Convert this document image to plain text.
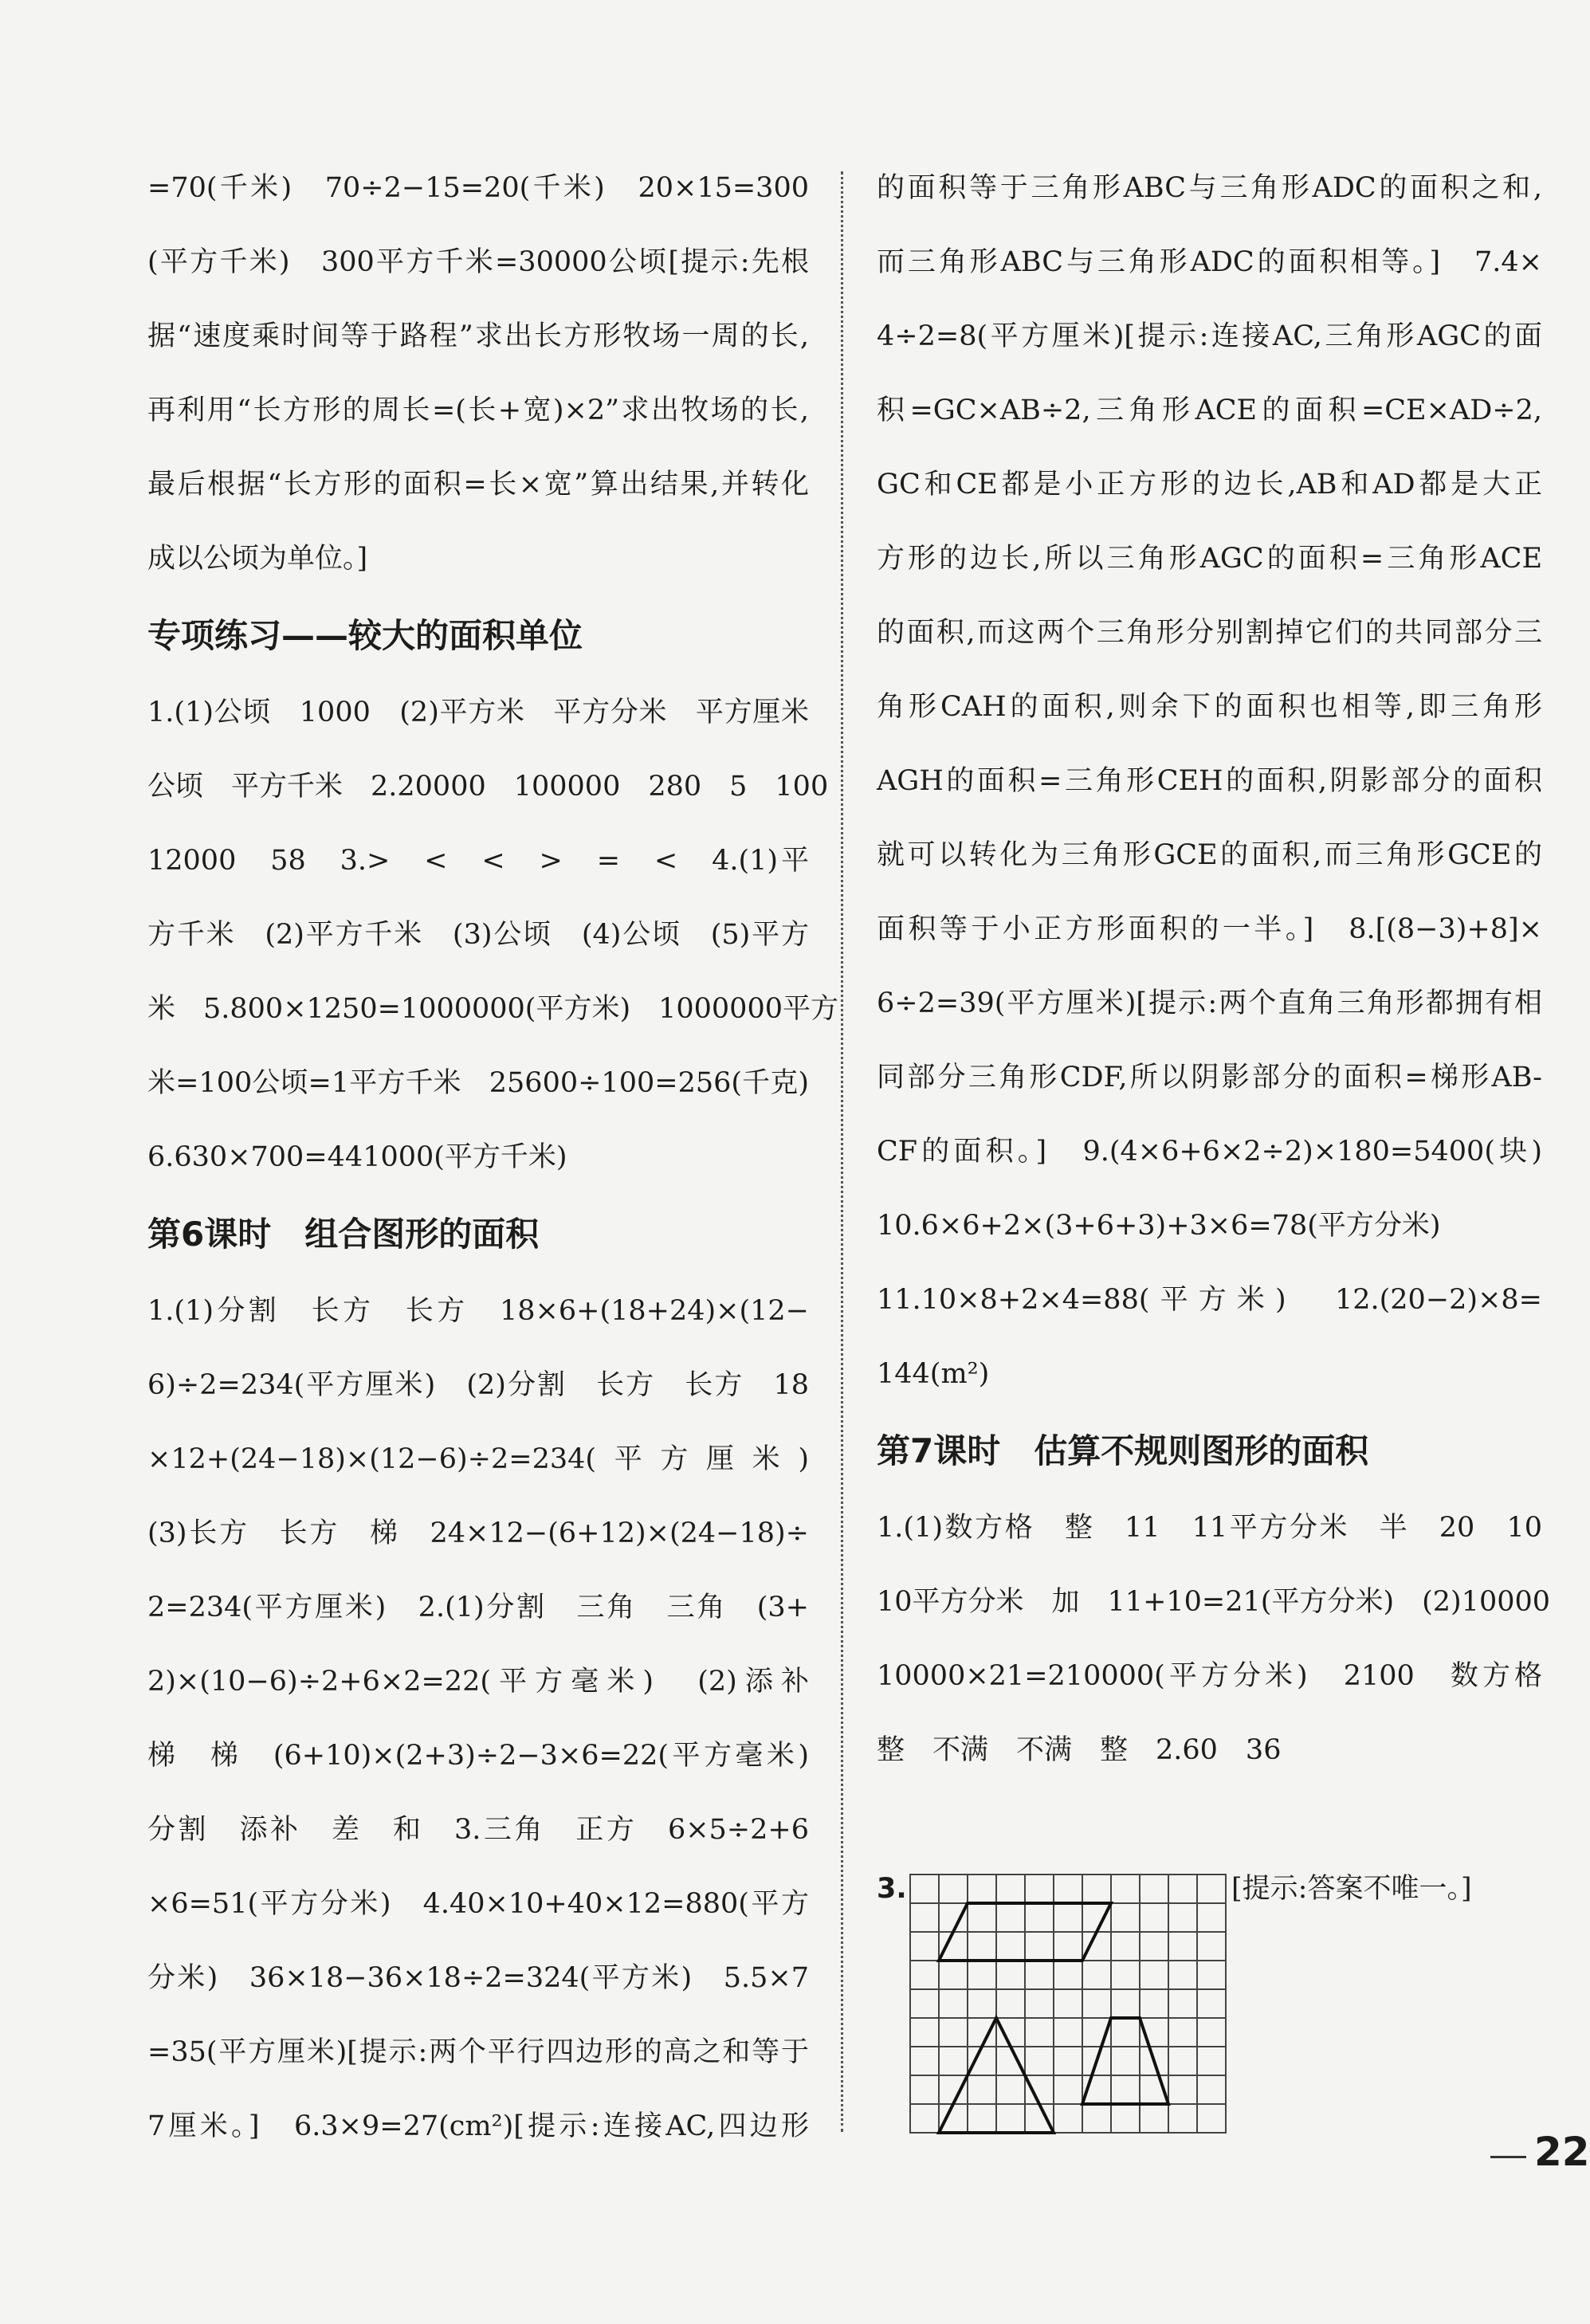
=70(千米)　70÷2−15=20(千米)　20×15=300
(平方千米)　300平方千米=30000公顷[提示:先根
据“速度乘时间等于路程”求出长方形牧场一周的长,
再利用“长方形的周长=(长+宽)×2”求出牧场的长,
最后根据“长方形的面积=长×宽”算出结果,并转化
成以公顷为单位。]
专项练习——较大的面积单位
1.(1)公顷　1000　(2)平方米　平方分米　平方厘米
公顷　平方千米　2.20000　100000　280　5　100
12000　58　3.>　<　<　>　=　<　4.(1)平
方千米　(2)平方千米　(3)公顷　(4)公顷　(5)平方
米　5.800×1250=1000000(平方米)　1000000平方
米=100公顷=1平方千米　25600÷100=256(千克)
6.630×700=441000(平方千米)
第6课时　组合图形的面积
1.(1)分割　长方　长方　18×6+(18+24)×(12−
6)÷2=234(平方厘米)　(2)分割　长方　长方　18
×12+(24−18)×(12−6)÷2=234(平方厘米)
(3)长方　长方　梯　24×12−(6+12)×(24−18)÷
2=234(平方厘米)　2.(1)分割　三角　三角　(3+
2)×(10−6)÷2+6×2=22(平方毫米)　(2)添补
梯　梯　(6+10)×(2+3)÷2−3×6=22(平方毫米)
分割　添补　差　和　3.三角　正方　6×5÷2+6
×6=51(平方分米)　4.40×10+40×12=880(平方
分米)　36×18−36×18÷2=324(平方米)　5.5×7
=35(平方厘米)[提示:两个平行四边形的高之和等于
7厘米。]　6.3×9=27(cm²)[提示:连接AC,四边形
的面积等于三角形ABC与三角形ADC的面积之和,
而三角形ABC与三角形ADC的面积相等。]　7.4×
4÷2=8(平方厘米)[提示:连接AC,三角形AGC的面
积=GC×AB÷2,三角形ACE的面积=CE×AD÷2,
GC和CE都是小正方形的边长,AB和AD都是大正
方形的边长,所以三角形AGC的面积=三角形ACE
的面积,而这两个三角形分别割掉它们的共同部分三
角形CAH的面积,则余下的面积也相等,即三角形
AGH的面积=三角形CEH的面积,阴影部分的面积
就可以转化为三角形GCE的面积,而三角形GCE的
面积等于小正方形面积的一半。]　8.[(8−3)+8]×
6÷2=39(平方厘米)[提示:两个直角三角形都拥有相
同部分三角形CDF,所以阴影部分的面积=梯形AB-
CF的面积。]　9.(4×6+6×2÷2)×180=5400(块)
10.6×6+2×(3+6+3)+3×6=78(平方分米)
11.10×8+2×4=88(平方米)　12.(20−2)×8=
144(m²)
第7课时　估算不规则图形的面积
1.(1)数方格　整　11　11平方分米　半　20　10
10平方分米　加　11+10=21(平方分米)　(2)10000
10000×21=210000(平方分米)　2100　数方格
整　不满　不满　整　2.60　36
3.	[提示:答案不唯一。]
22
